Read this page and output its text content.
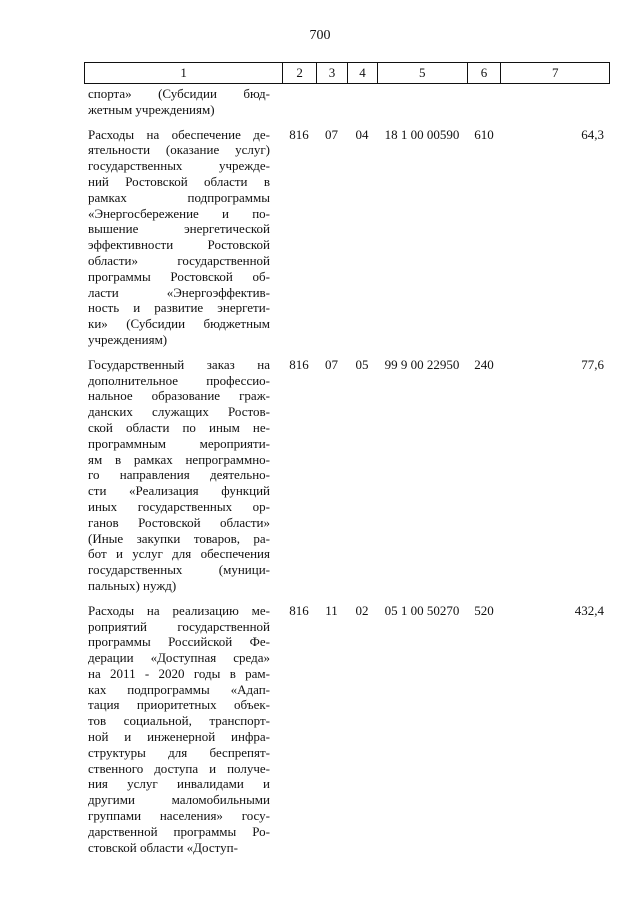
700
1	2	3	4	5	6	7
спорта» (Субсидии бюд-
жетным учреждениям)
Расходы на обеспечение де-
ятельности (оказание услуг)
государственных учрежде-
ний Ростовской области в
рамках подпрограммы
«Энергосбережение и по-
вышение энергетической
эффективности Ростовской
области» государственной
программы Ростовской об-
ласти «Энергоэффектив-
ность и развитие энергети-
ки» (Субсидии бюджетным
учреждениям)
816	07	04	18 1 00 00590	610	64,3
Государственный заказ на
дополнительное профессио-
нальное образование граж-
данских служащих Ростов-
ской области по иным не-
программным мероприяти-
ям в рамках непрограммно-
го направления деятельно-
сти «Реализация функций
иных государственных ор-
ганов Ростовской области»
(Иные закупки товаров, ра-
бот и услуг для обеспечения
государственных (муници-
пальных) нужд)
816	07	05	99 9 00 22950	240	77,6
Расходы на реализацию ме-
роприятий государственной
программы Российской Фе-
дерации «Доступная среда»
на 2011 - 2020 годы в рам-
ках подпрограммы «Адап-
тация приоритетных объек-
тов социальной, транспорт-
ной и инженерной инфра-
структуры для беспрепят-
ственного доступа и получе-
ния услуг инвалидами и
другими маломобильными
группами населения» госу-
дарственной программы Ро-
стовской области «Доступ-
816	11	02	05 1 00 50270	520	432,4
